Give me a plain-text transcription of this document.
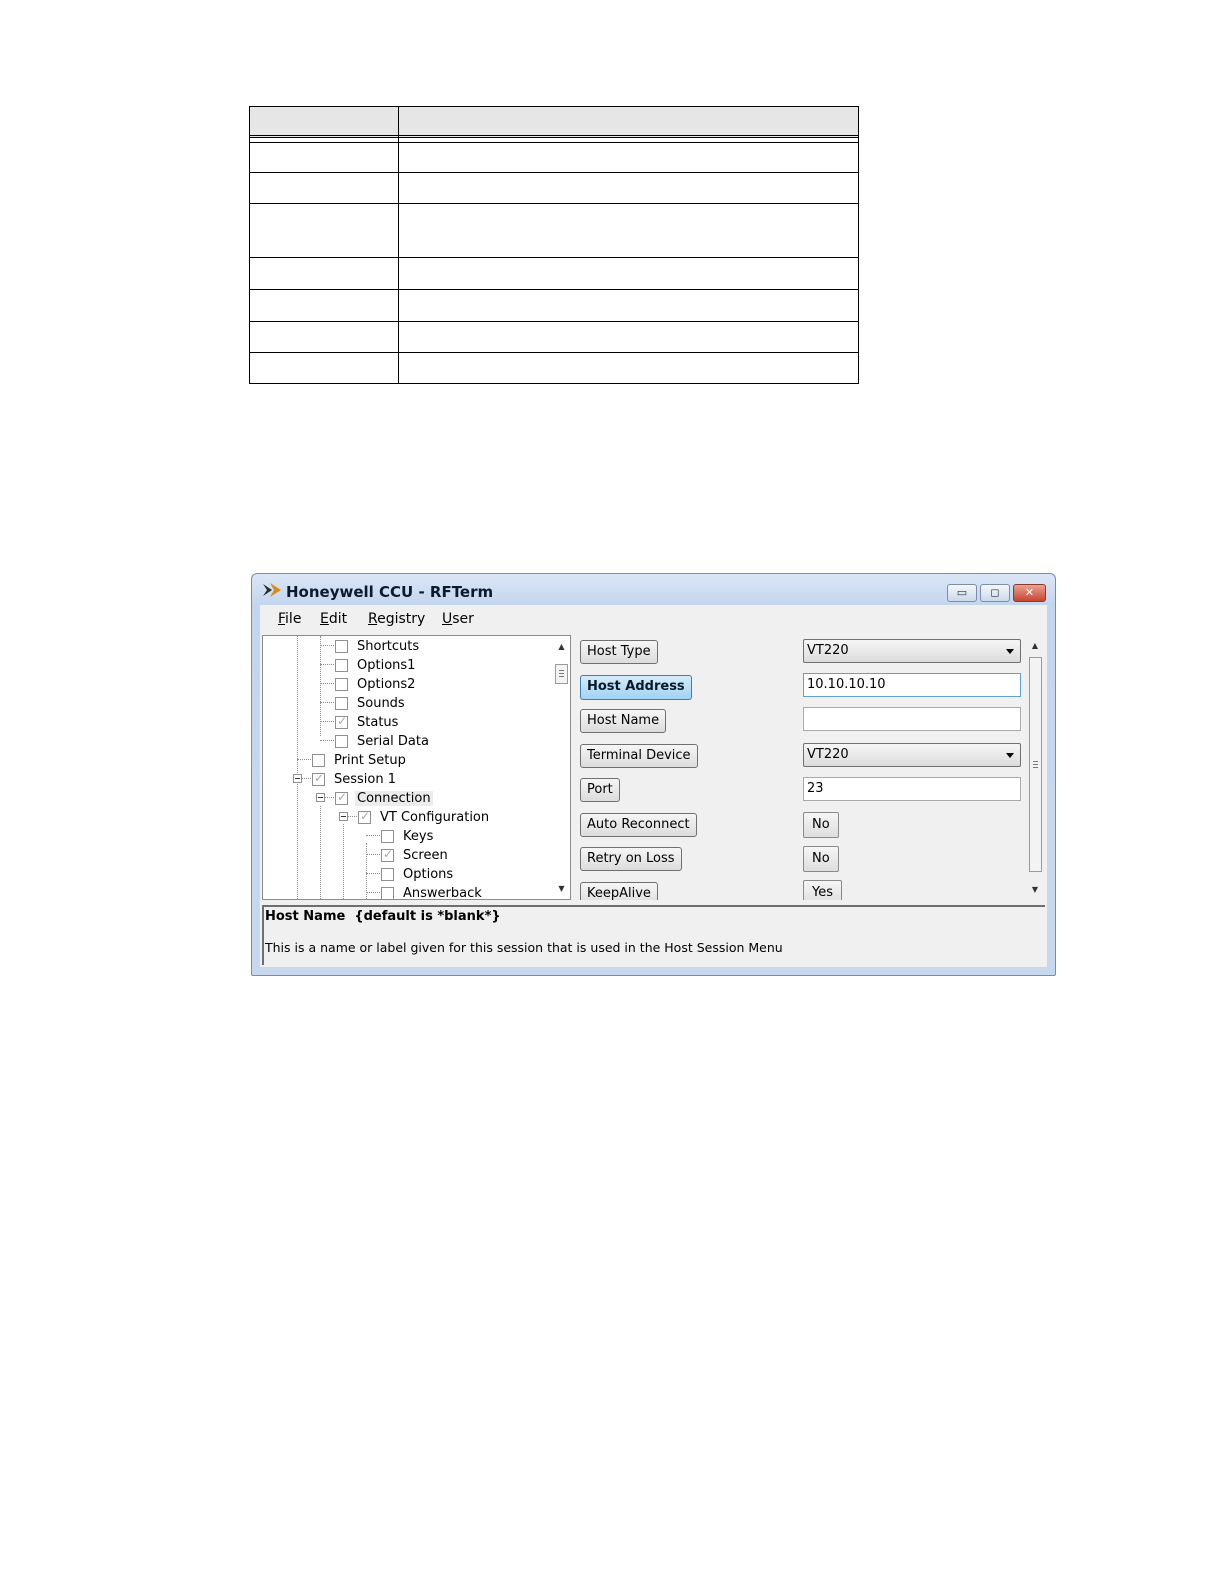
Honeywell CCU - RFTerm	▭	◻	✕
File Edit Registry User
Shortcuts
Options1
Options2
Sounds
✓
Status
Serial Data
Print Setup
✓
Session 1
✓
Connection
✓
VT Configuration
Keys
✓
Screen
Options
Answerback
▲
▼
Host Type	VT220
Host Address	10.10.10.10
Host Name
Terminal Device	VT220
Port	23
Auto Reconnect	No
Retry on Loss	No
KeepAlive	Yes
▲
▼
Host Name  {default is *blank*}
This is a name or label given for this session that is used in the Host Session Menu
